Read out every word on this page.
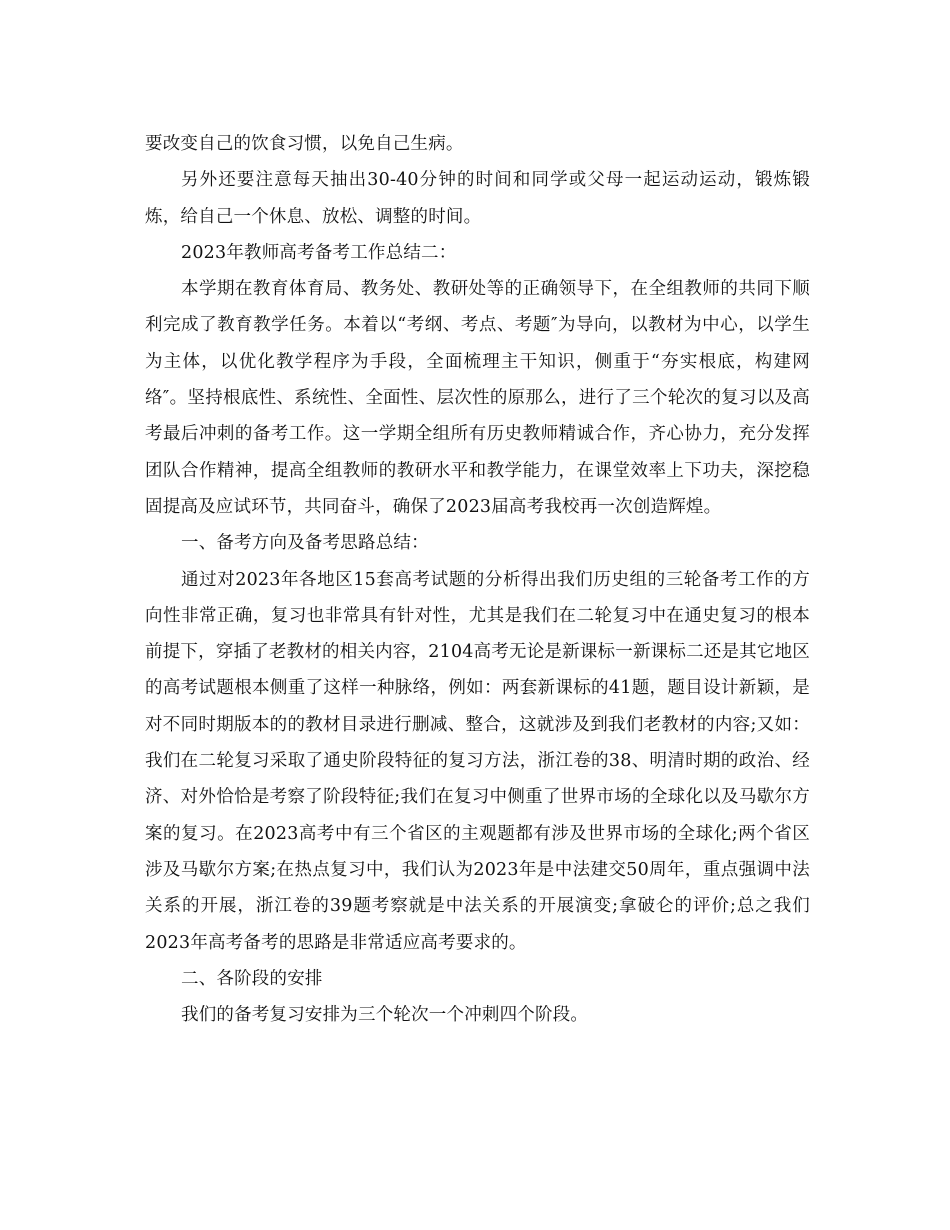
要改变自己的饮食习惯，以免自己生病。

另外还要注意每天抽出30-40分钟的时间和同学或父母一起运动运动，锻炼锻炼，给自己一个休息、放松、调整的时间。

2023年教师高考备考工作总结二：

本学期在教育体育局、教务处、教研处等的正确领导下，在全组教师的共同下顺利完成了教育教学任务。本着以“考纲、考点、考题″为导向，以教材为中心，以学生为主体，以优化教学程序为手段，全面梳理主干知识，侧重于“夯实根底，构建网络″。坚持根底性、系统性、全面性、层次性的原那么，进行了三个轮次的复习以及高考最后冲刺的备考工作。这一学期全组所有历史教师精诚合作，齐心协力，充分发挥团队合作精神，提高全组教师的教研水平和教学能力，在课堂效率上下功夫，深挖稳固提高及应试环节，共同奋斗，确保了2023届高考我校再一次创造辉煌。

一、备考方向及备考思路总结：

通过对2023年各地区15套高考试题的分析得出我们历史组的三轮备考工作的方向性非常正确，复习也非常具有针对性，尤其是我们在二轮复习中在通史复习的根本前提下，穿插了老教材的相关内容，2104高考无论是新课标一新课标二还是其它地区的高考试题根本侧重了这样一种脉络，例如：两套新课标的41题，题目设计新颖，是对不同时期版本的的教材目录进行删减、整合，这就涉及到我们老教材的内容;又如：我们在二轮复习采取了通史阶段特征的复习方法，浙江卷的38、明清时期的政治、经济、对外恰恰是考察了阶段特征;我们在复习中侧重了世界市场的全球化以及马歇尔方案的复习。在2023高考中有三个省区的主观题都有涉及世界市场的全球化;两个省区涉及马歇尔方案;在热点复习中，我们认为2023年是中法建交50周年，重点强调中法关系的开展，浙江卷的39题考察就是中法关系的开展演变;拿破仑的评价;总之我们2023年高考备考的思路是非常适应高考要求的。

二、各阶段的安排

我们的备考复习安排为三个轮次一个冲刺四个阶段。
